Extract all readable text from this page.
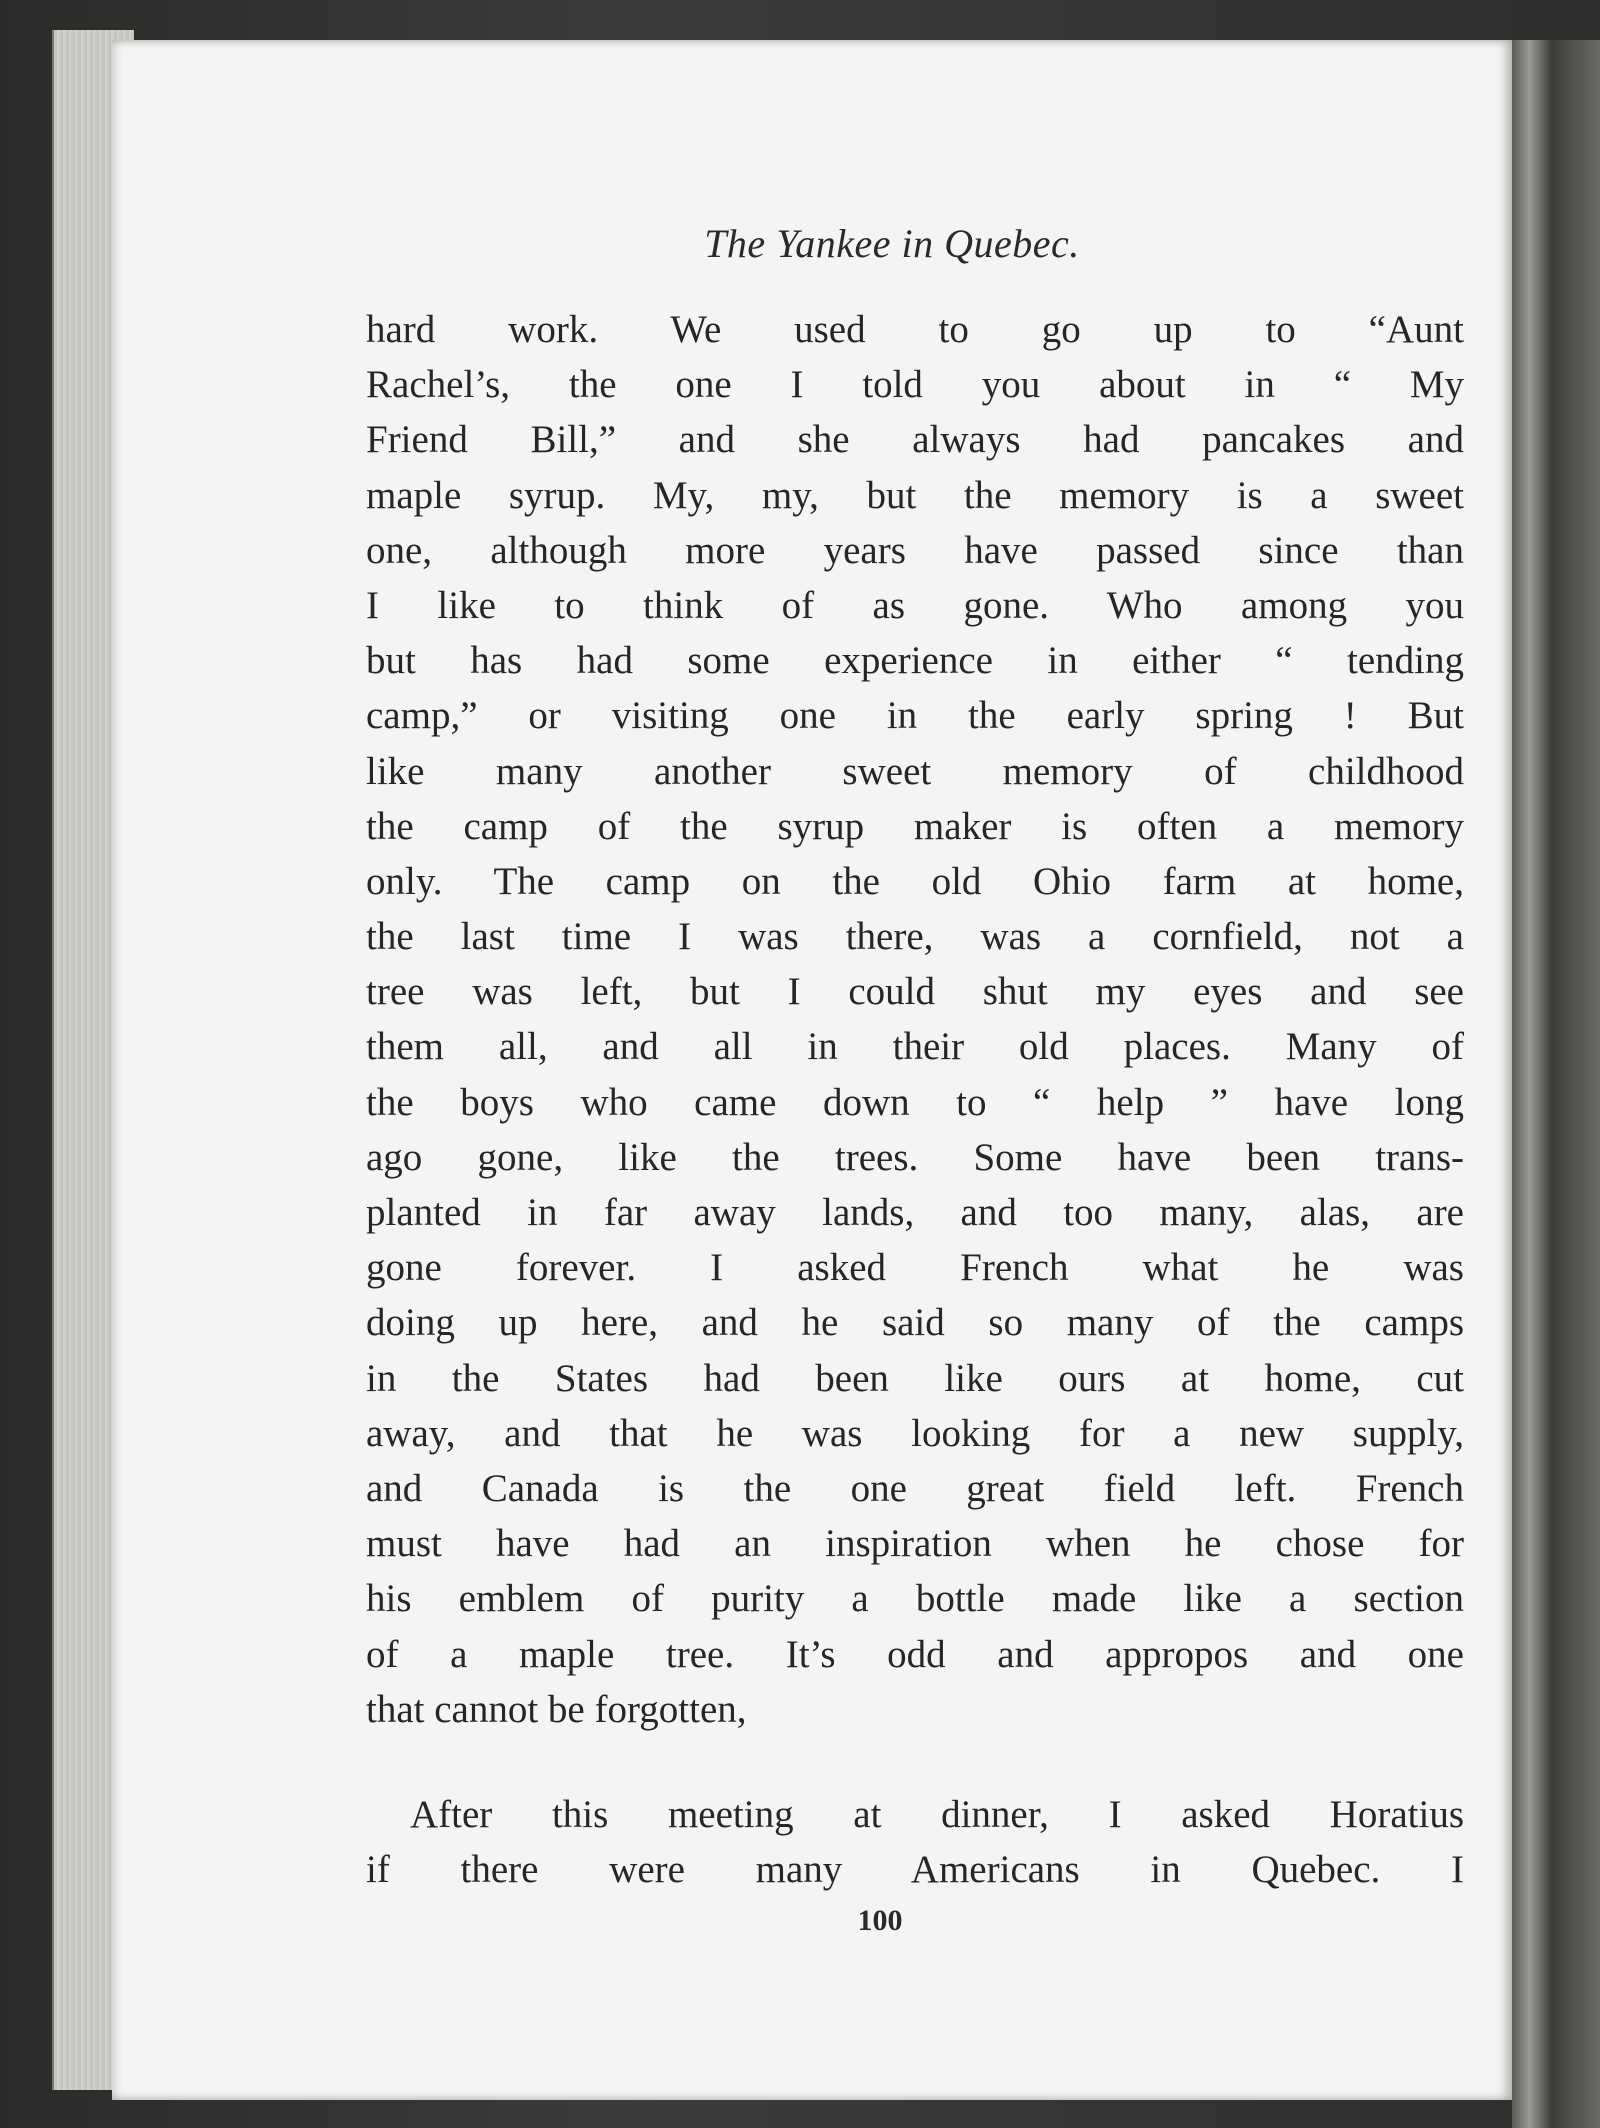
The Yankee in Quebec.
hard work. We used to go up to “Aunt
Rachel’s, the one I told you about in “ My
Friend Bill,” and she always had pancakes and
maple syrup. My, my, but the memory is a sweet
one, although more years have passed since than
I like to think of as gone. Who among you
but has had some experience in either “ tending
camp,” or visiting one in the early spring ! But
like many another sweet memory of childhood
the camp of the syrup maker is often a memory
only. The camp on the old Ohio farm at home,
the last time I was there, was a cornfield, not a
tree was left, but I could shut my eyes and see
them all, and all in their old places. Many of
the boys who came down to “ help ” have long
ago gone, like the trees. Some have been trans-
planted in far away lands, and too many, alas, are
gone forever. I asked French what he was
doing up here, and he said so many of the camps
in the States had been like ours at home, cut
away, and that he was looking for a new supply,
and Canada is the one great field left. French
must have had an inspiration when he chose for
his emblem of purity a bottle made like a section
of a maple tree. It’s odd and appropos and one
that cannot be forgotten,
After this meeting at dinner, I asked Horatius
if there were many Americans in Quebec. I
100
